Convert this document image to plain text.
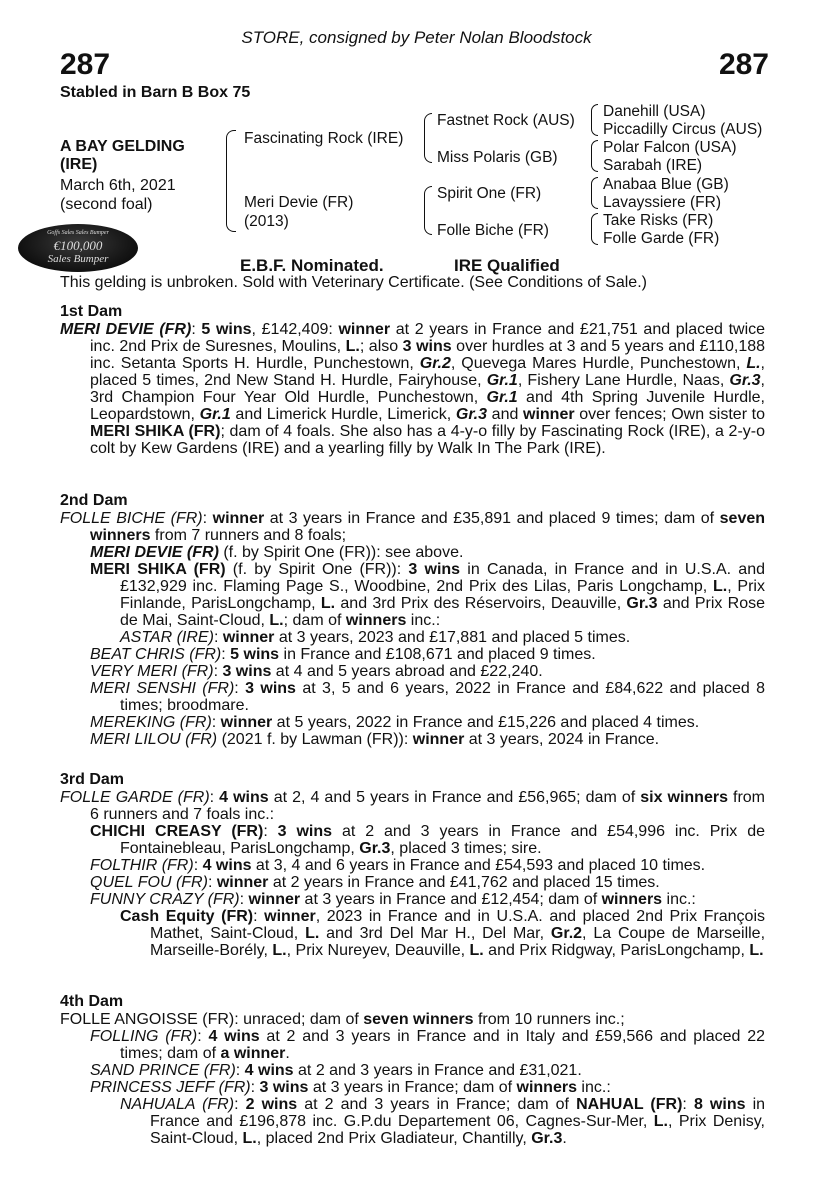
STORE, consigned by Peter Nolan Bloodstock
287	287
Stabled in Barn B Box 75
A BAY GELDING
(IRE)
March 6th, 2021
(second foal)
Fascinating Rock (IRE)
Meri Devie (FR)
(2013)
Fastnet Rock (AUS)
Miss Polaris (GB)
Spirit One (FR)
Folle Biche (FR)
Danehill (USA)
Piccadilly Circus (AUS)
Polar Falcon (USA)
Sarabah (IRE)
Anabaa Blue (GB)
Lavayssiere (FR)
Take Risks (FR)
Folle Garde (FR)
Goffs Sales Sales Bumper
€100,000
Sales Bumper	E.B.F. Nominated.	IRE Qualified
This gelding is unbroken. Sold with Veterinary Certificate. (See Conditions of Sale.)
1st Dam

MERI DEVIE (FR): 5 wins, £142,409: winner at 2 years in France and £21,751 and placed twice inc. 2nd Prix de Suresnes, Moulins, L.; also 3 wins over hurdles at 3 and 5 years and £110,188 inc. Setanta Sports H. Hurdle, Punchestown, Gr.2, Quevega Mares Hurdle, Punchestown, L., placed 5 times, 2nd New Stand H. Hurdle, Fairyhouse, Gr.1, Fishery Lane Hurdle, Naas, Gr.3, 3rd Champion Four Year Old Hurdle, Punchestown, Gr.1 and 4th Spring Juvenile Hurdle, Leopardstown, Gr.1 and Limerick Hurdle, Limerick, Gr.3 and winner over fences; Own sister to MERI SHIKA (FR); dam of 4 foals. She also has a 4-y-o filly by Fascinating Rock (IRE), a 2-y-o colt by Kew Gardens (IRE) and a yearling filly by Walk In The Park (IRE).

2nd Dam

FOLLE BICHE (FR): winner at 3 years in France and £35,891 and placed 9 times; dam of seven winners from 7 runners and 8 foals;

MERI DEVIE (FR) (f. by Spirit One (FR)): see above.

MERI SHIKA (FR) (f. by Spirit One (FR)): 3 wins in Canada, in France and in U.S.A. and £132,929 inc. Flaming Page S., Woodbine, 2nd Prix des Lilas, Paris Longchamp, L., Prix Finlande, ParisLongchamp, L. and 3rd Prix des Réservoirs, Deauville, Gr.3 and Prix Rose de Mai, Saint-Cloud, L.; dam of winners inc.:

ASTAR (IRE): winner at 3 years, 2023 and £17,881 and placed 5 times.

BEAT CHRIS (FR): 5 wins in France and £108,671 and placed 9 times.

VERY MERI (FR): 3 wins at 4 and 5 years abroad and £22,240.

MERI SENSHI (FR): 3 wins at 3, 5 and 6 years, 2022 in France and £84,622 and placed 8 times; broodmare.

MEREKING (FR): winner at 5 years, 2022 in France and £15,226 and placed 4 times.

MERI LILOU (FR) (2021 f. by Lawman (FR)): winner at 3 years, 2024 in France.

3rd Dam

FOLLE GARDE (FR): 4 wins at 2, 4 and 5 years in France and £56,965; dam of six winners from 6 runners and 7 foals inc.:

CHICHI CREASY (FR): 3 wins at 2 and 3 years in France and £54,996 inc. Prix de Fontainebleau, ParisLongchamp, Gr.3, placed 3 times; sire.

FOLTHIR (FR): 4 wins at 3, 4 and 6 years in France and £54,593 and placed 10 times.

QUEL FOU (FR): winner at 2 years in France and £41,762 and placed 15 times.

FUNNY CRAZY (FR): winner at 3 years in France and £12,454; dam of winners inc.:

Cash Equity (FR): winner, 2023 in France and in U.S.A. and placed 2nd Prix François Mathet, Saint-Cloud, L. and 3rd Del Mar H., Del Mar, Gr.2, La Coupe de Marseille, Marseille-Borély, L., Prix Nureyev, Deauville, L. and Prix Ridgway, ParisLongchamp, L.

4th Dam

FOLLE ANGOISSE (FR): unraced; dam of seven winners from 10 runners inc.;

FOLLING (FR): 4 wins at 2 and 3 years in France and in Italy and £59,566 and placed 22 times; dam of a winner.

SAND PRINCE (FR): 4 wins at 2 and 3 years in France and £31,021.

PRINCESS JEFF (FR): 3 wins at 3 years in France; dam of winners inc.:

NAHUALA (FR): 2 wins at 2 and 3 years in France; dam of NAHUAL (FR): 8 wins in France and £196,878 inc. G.P.du Departement 06, Cagnes-Sur-Mer, L., Prix Denisy, Saint-Cloud, L., placed 2nd Prix Gladiateur, Chantilly, Gr.3.
